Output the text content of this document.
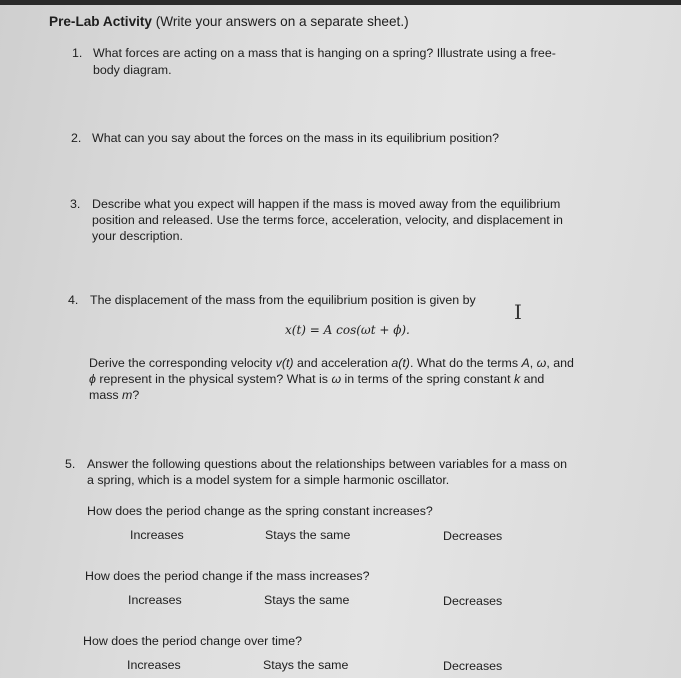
Pre-Lab Activity (Write your answers on a separate sheet.)
1. What forces are acting on a mass that is hanging on a spring? Illustrate using a free-
body diagram.
2. What can you say about the forces on the mass in its equilibrium position?
3. Describe what you expect will happen if the mass is moved away from the equilibrium
position and released. Use the terms force, acceleration, velocity, and displacement in
your description.
4. The displacement of the mass from the equilibrium position is given by I
x(t) = A cos(ωt + ϕ).
Derive the corresponding velocity v(t) and acceleration a(t). What do the terms A, ω, and
ϕ represent in the physical system? What is ω in terms of the spring constant k and
mass m?
5. Answer the following questions about the relationships between variables for a mass on
a spring, which is a model system for a simple harmonic oscillator.
How does the period change as the spring constant increases?
Increases	Stays the same	Decreases
How does the period change if the mass increases?
Increases	Stays the same	Decreases
How does the period change over time?
Increases	Stays the same	Decreases
